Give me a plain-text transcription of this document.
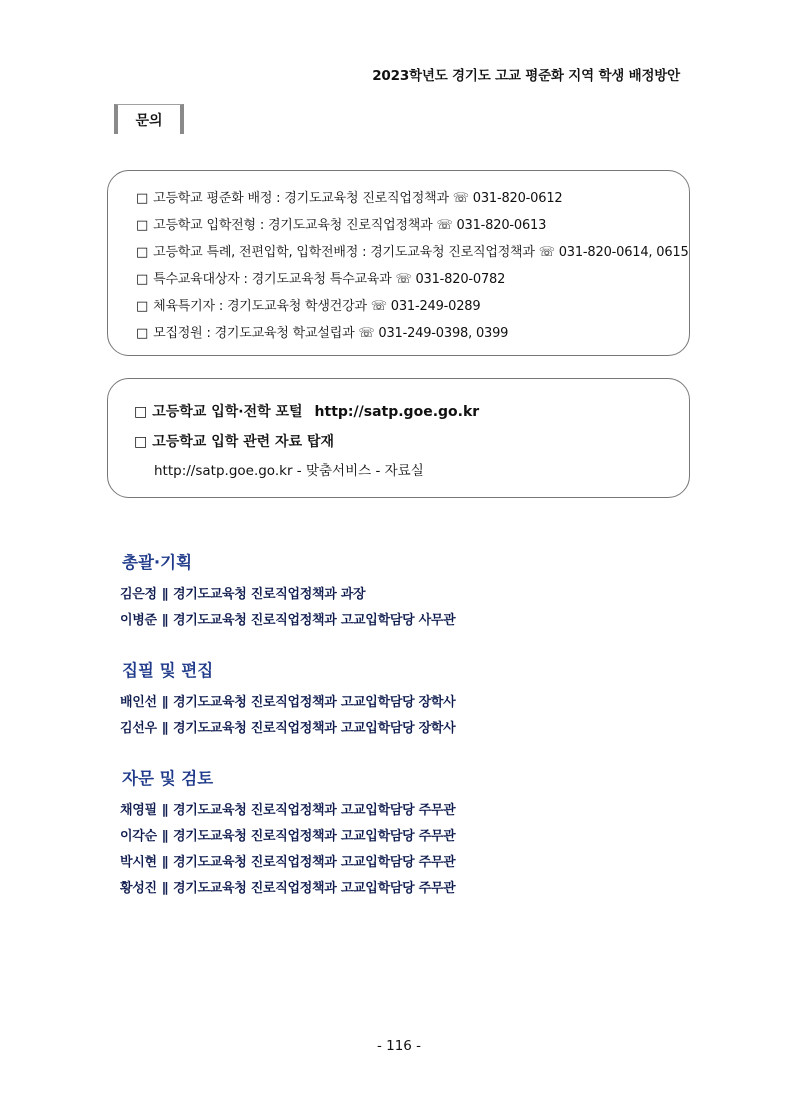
2023학년도 경기도 고교 평준화 지역 학생 배정방안
문의
□ 고등학교 평준화 배정 : 경기도교육청 진로직업정책과 ☏ 031-820-0612
□ 고등학교 입학전형 : 경기도교육청 진로직업정책과 ☏ 031-820-0613
□ 고등학교 특례, 전편입학, 입학전배정 : 경기도교육청 진로직업정책과 ☏ 031-820-0614, 0615
□ 특수교육대상자 : 경기도교육청 특수교육과 ☏ 031-820-0782
□ 체육특기자 : 경기도교육청 학생건강과 ☏ 031-249-0289
□ 모집정원 : 경기도교육청 학교설립과 ☏ 031-249-0398, 0399
□ 고등학교 입학·전학 포털 http://satp.goe.go.kr
□ 고등학교 입학 관련 자료 탑재
http://satp.goe.go.kr - 맞춤서비스 - 자료실
총괄·기획
김은정 ∥ 경기도교육청 진로직업정책과 과장
이병준 ∥ 경기도교육청 진로직업정책과 고교입학담당 사무관
집필 및 편집
배인선 ∥ 경기도교육청 진로직업정책과 고교입학담당 장학사
김선우 ∥ 경기도교육청 진로직업정책과 고교입학담당 장학사
자문 및 검토
채영필 ∥ 경기도교육청 진로직업정책과 고교입학담당 주무관
이각순 ∥ 경기도교육청 진로직업정책과 고교입학담당 주무관
박시현 ∥ 경기도교육청 진로직업정책과 고교입학담당 주무관
황성진 ∥ 경기도교육청 진로직업정책과 고교입학담당 주무관
- 116 -
